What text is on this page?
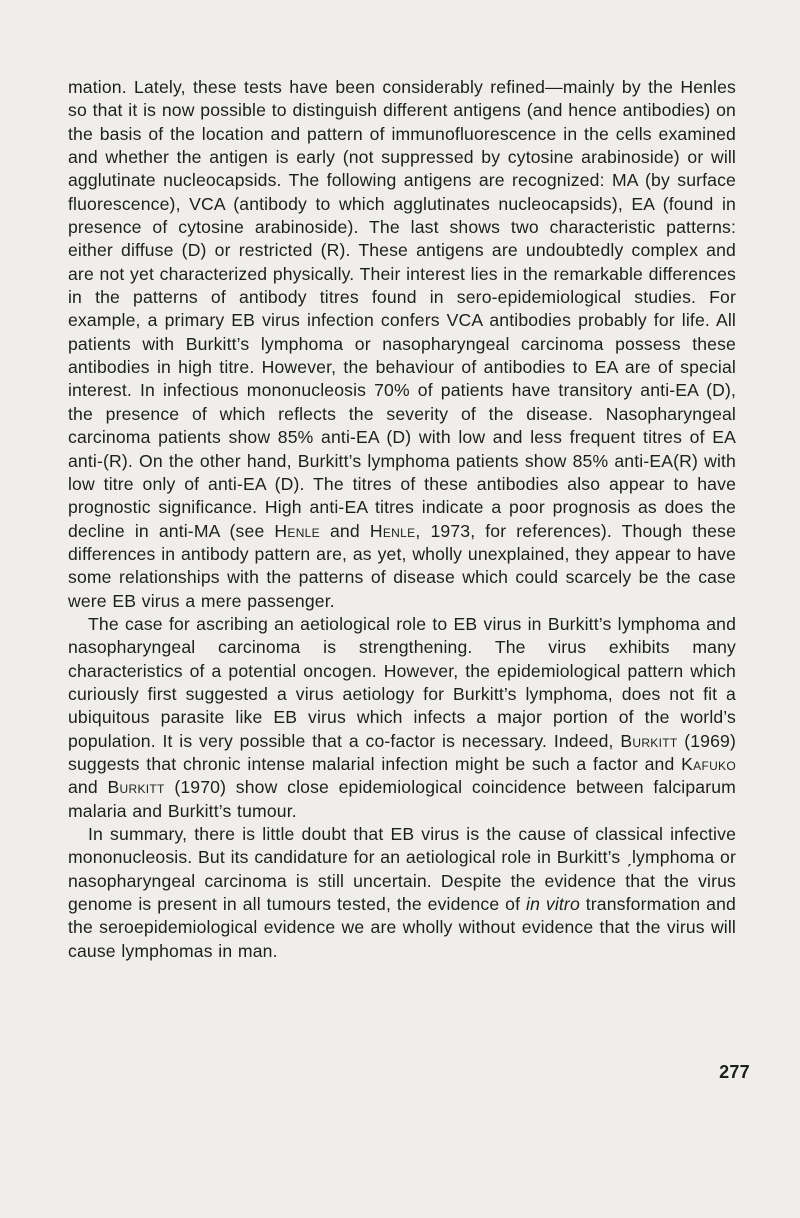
mation. Lately, these tests have been considerably refined—mainly by the Henles so that it is now possible to distinguish different antigens (and hence antibodies) on the basis of the location and pattern of immunofluorescence in the cells examined and whether the antigen is early (not suppressed by cytosine arabinoside) or will agglutinate nucleocapsids. The following antigens are recognized: MA (by surface fluorescence), VCA (antibody to which agglutinates nucleocapsids), EA (found in presence of cytosine arabinoside). The last shows two characteristic patterns: either diffuse (D) or restricted (R). These antigens are undoubtedly complex and are not yet characterized physically. Their interest lies in the remarkable differences in the patterns of antibody titres found in sero-epidemiological studies. For example, a primary EB virus infection confers VCA antibodies probably for life. All patients with Burkitt’s lymphoma or nasopharyngeal carcinoma possess these antibodies in high titre. However, the behaviour of antibodies to EA are of special interest. In infectious mononucleosis 70% of patients have transitory anti-EA (D), the presence of which reflects the severity of the disease. Nasopharyngeal carcinoma patients show 85% anti-EA (D) with low and less frequent titres of EA anti-(R). On the other hand, Burkitt’s lymphoma patients show 85% anti-EA(R) with low titre only of anti-EA (D). The titres of these antibodies also appear to have prognostic significance. High anti-EA titres indicate a poor prognosis as does the decline in anti-MA (see Henle and Henle, 1973, for references). Though these differences in antibody pattern are, as yet, wholly unexplained, they appear to have some relationships with the patterns of disease which could scarcely be the case were EB virus a mere passenger.

The case for ascribing an aetiological role to EB virus in Burkitt’s lymphoma and nasopharyngeal carcinoma is strengthening. The virus exhibits many characteristics of a potential oncogen. However, the epidemiological pattern which curiously first suggested a virus aetiology for Burkitt’s lymphoma, does not fit a ubiquitous parasite like EB virus which infects a major portion of the world’s population. It is very possible that a co-factor is necessary. Indeed, Burkitt (1969) suggests that chronic intense malarial infection might be such a factor and Kafuko and Burkitt (1970) show close epidemiological coincidence between falciparum malaria and Burkitt’s tumour.

In summary, there is little doubt that EB virus is the cause of classical infective mononucleosis. But its candidature for an aetiological role in Burkitt’s ˏlymphoma or nasopharyngeal carcinoma is still uncertain. Despite the evidence that the virus genome is present in all tumours tested, the evidence of in vitro transformation and the seroepidemiological evidence we are wholly without evidence that the virus will cause lymphomas in man.

277
